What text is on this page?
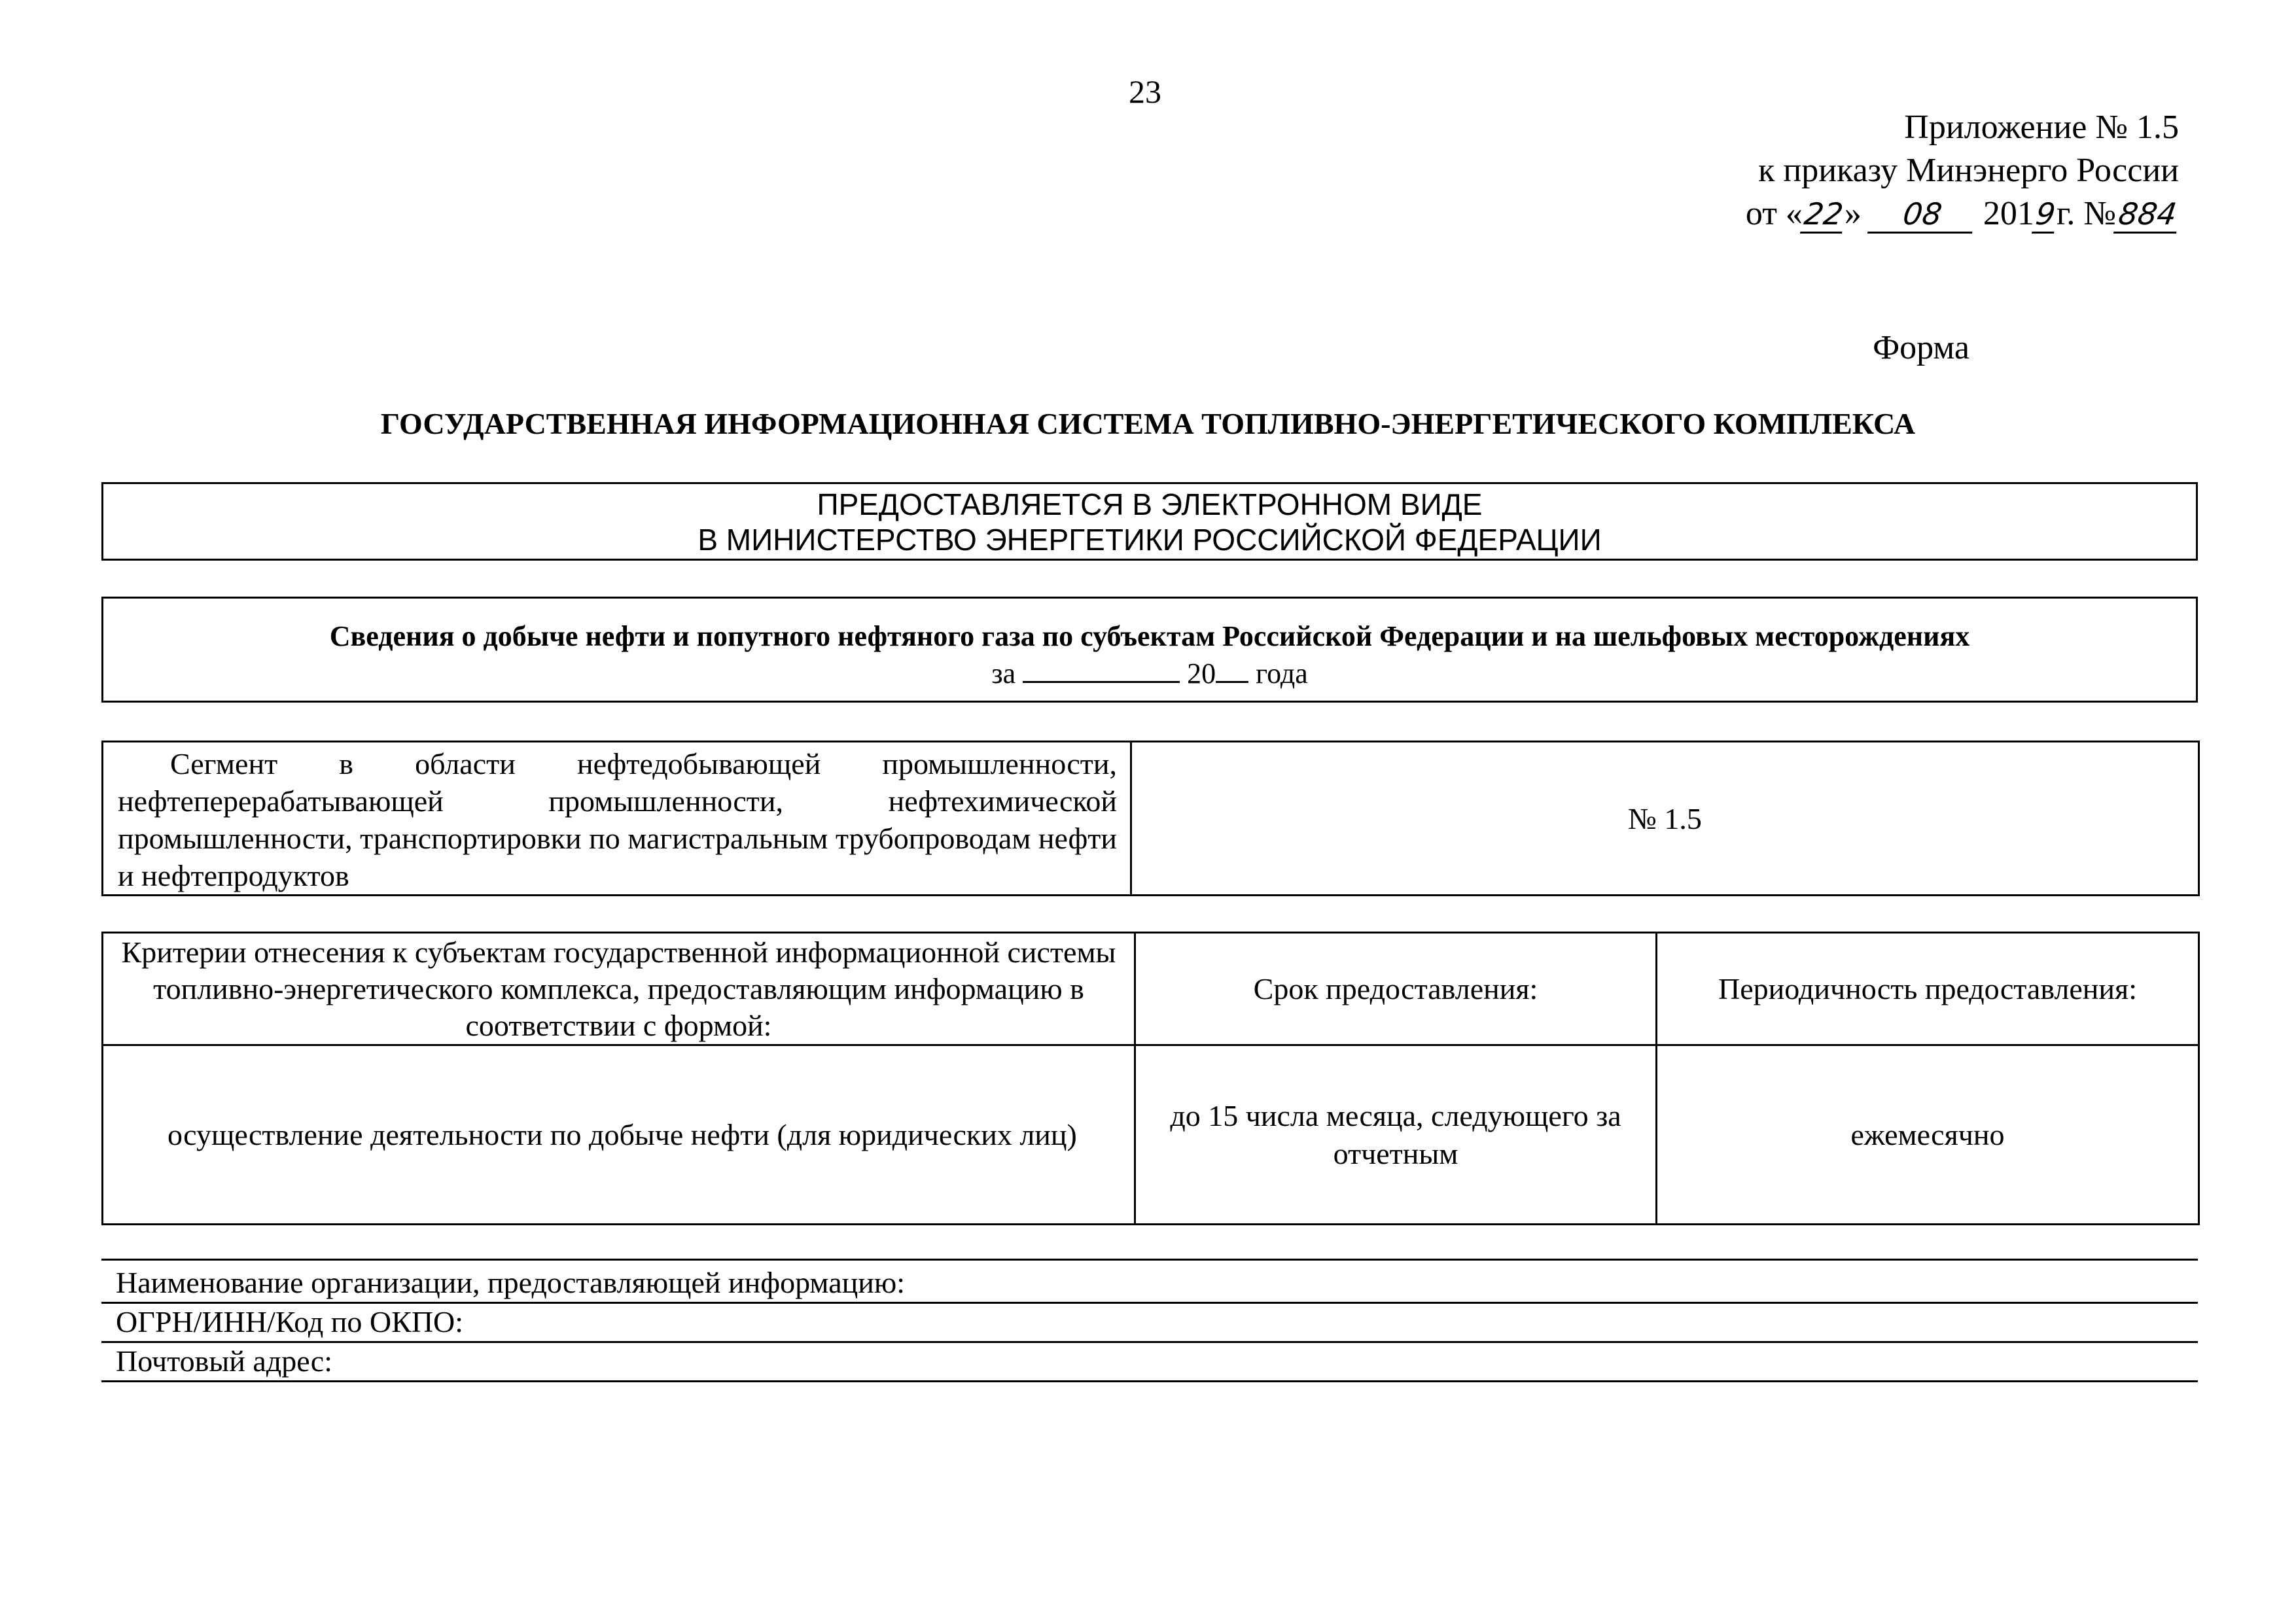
23
Приложение № 1.5
к приказу Минэнерго России
от «22» 08 2019г. №884
Форма
ГОСУДАРСТВЕННАЯ ИНФОРМАЦИОННАЯ СИСТЕМА ТОПЛИВНО-ЭНЕРГЕТИЧЕСКОГО КОМПЛЕКСА
ПРЕДОСТАВЛЯЕТСЯ В ЭЛЕКТРОННОМ ВИДЕ
В МИНИСТЕРСТВО ЭНЕРГЕТИКИ РОССИЙСКОЙ ФЕДЕРАЦИИ
Сведения о добыче нефти и попутного нефтяного газа по субъектам Российской Федерации и на шельфовых месторождениях
за	20 года
Сегмент в области нефтедобывающей промышленности, нефтеперерабатывающей промышленности, нефтехимической промышленности, транспортировки по магистральным трубопроводам нефти и нефтепродуктов	№ 1.5
Критерии отнесения к субъектам государственной информационной системы топливно-энергетического комплекса, предоставляющим информацию в соответствии с формой:	Срок предоставления:	Периодичность предоставления:
осуществление деятельности по добыче нефти (для юридических лиц)	до 15 числа месяца, следующего за отчетным	ежемесячно
Наименование организации, предоставляющей информацию:
ОГРН/ИНН/Код по ОКПО:
Почтовый адрес:
